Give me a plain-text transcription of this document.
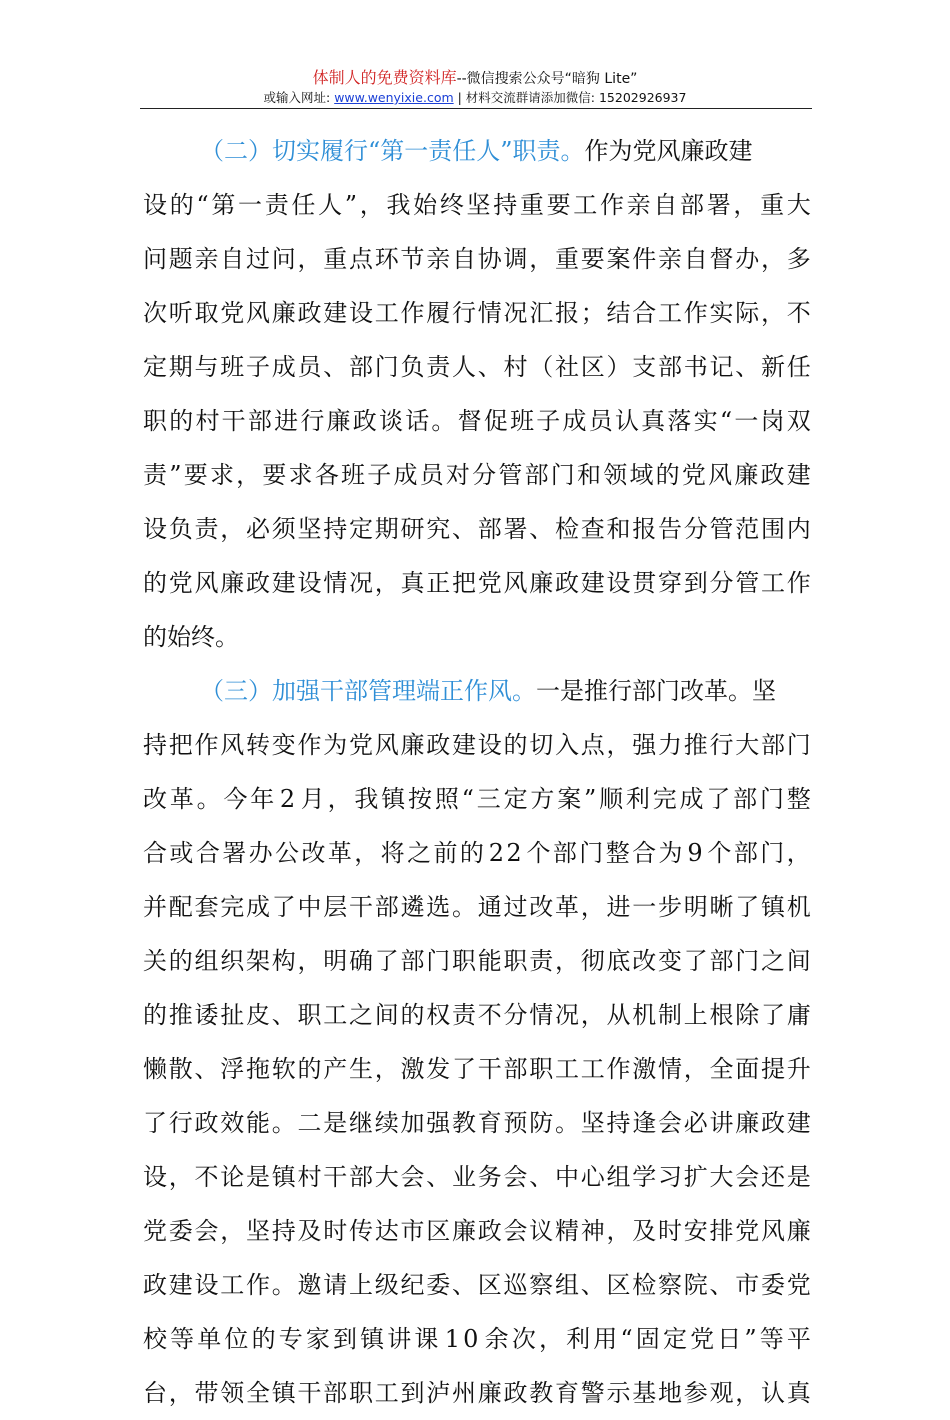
体制人的免费资料库--微信搜索公众号“暗狗 Lite”
或输入网址: www.wenyixie.com | 材料交流群请添加微信: 15202926937
（二）切实履行“第一责任人”职责。作为党风廉政建
设 的 “ 第 一 责 任 人 ” ， 我 始 终 坚 持 重 要 工 作 亲 自 部 署 ， 重 大
问 题 亲 自 过 问 ， 重 点 环 节 亲 自 协 调 ， 重 要 案 件 亲 自 督 办 ， 多
次 听 取 党 风 廉 政 建 设 工 作 履 行 情 况 汇 报 ； 结 合 工 作 实 际 ， 不
定 期 与 班 子 成 员 、 部 门 负 责 人 、 村 （ 社 区 ） 支 部 书 记 、 新 任
职 的 村 干 部 进 行 廉 政 谈 话 。 督 促 班 子 成 员 认 真 落 实 “ 一 岗 双
责 ” 要 求 ， 要 求 各 班 子 成 员 对 分 管 部 门 和 领 域 的 党 风 廉 政 建
设 负 责 ， 必 须 坚 持 定 期 研 究 、 部 署 、 检 查 和 报 告 分 管 范 围 内
的 党 风 廉 政 建 设 情 况 ， 真 正 把 党 风 廉 政 建 设 贯 穿 到 分 管 工 作
的始终。
（三）加强干部管理端正作风。一是推行部门改革。坚
持 把 作 风 转 变 作 为 党 风 廉 政 建 设 的 切 入 点 ， 强 力 推 行 大 部 门
改 革 。 今 年 2 月 ， 我 镇 按 照 “ 三 定 方 案 ” 顺 利 完 成 了 部 门 整
合 或 合 署 办 公 改 革 ， 将 之 前 的 2 2 个 部 门 整 合 为 9 个 部 门 ，
并 配 套 完 成 了 中 层 干 部 遴 选 。 通 过 改 革 ， 进 一 步 明 晰 了 镇 机
关 的 组 织 架 构 ， 明 确 了 部 门 职 能 职 责 ， 彻 底 改 变 了 部 门 之 间
的 推 诿 扯 皮 、 职 工 之 间 的 权 责 不 分 情 况 ， 从 机 制 上 根 除 了 庸
懒 散 、 浮 拖 软 的 产 生 ， 激 发 了 干 部 职 工 工 作 激 情 ， 全 面 提 升
了 行 政 效 能 。 二 是 继 续 加 强 教 育 预 防 。 坚 持 逢 会 必 讲 廉 政 建
设 ， 不 论 是 镇 村 干 部 大 会 、 业 务 会 、 中 心 组 学 习 扩 大 会 还 是
党 委 会 ， 坚 持 及 时 传 达 市 区 廉 政 会 议 精 神 ， 及 时 安 排 党 风 廉
政 建 设 工 作 。 邀 请 上 级 纪 委 、 区 巡 察 组 、 区 检 察 院 、 市 委 党
校 等 单 位 的 专 家 到 镇 讲 课 1 0 余 次 ， 利 用 “ 固 定 党 日 ” 等 平
台 ， 带 领 全 镇 干 部 职 工 到 泸 州 廉 政 教 育 警 示 基 地 参 观 ， 认 真
